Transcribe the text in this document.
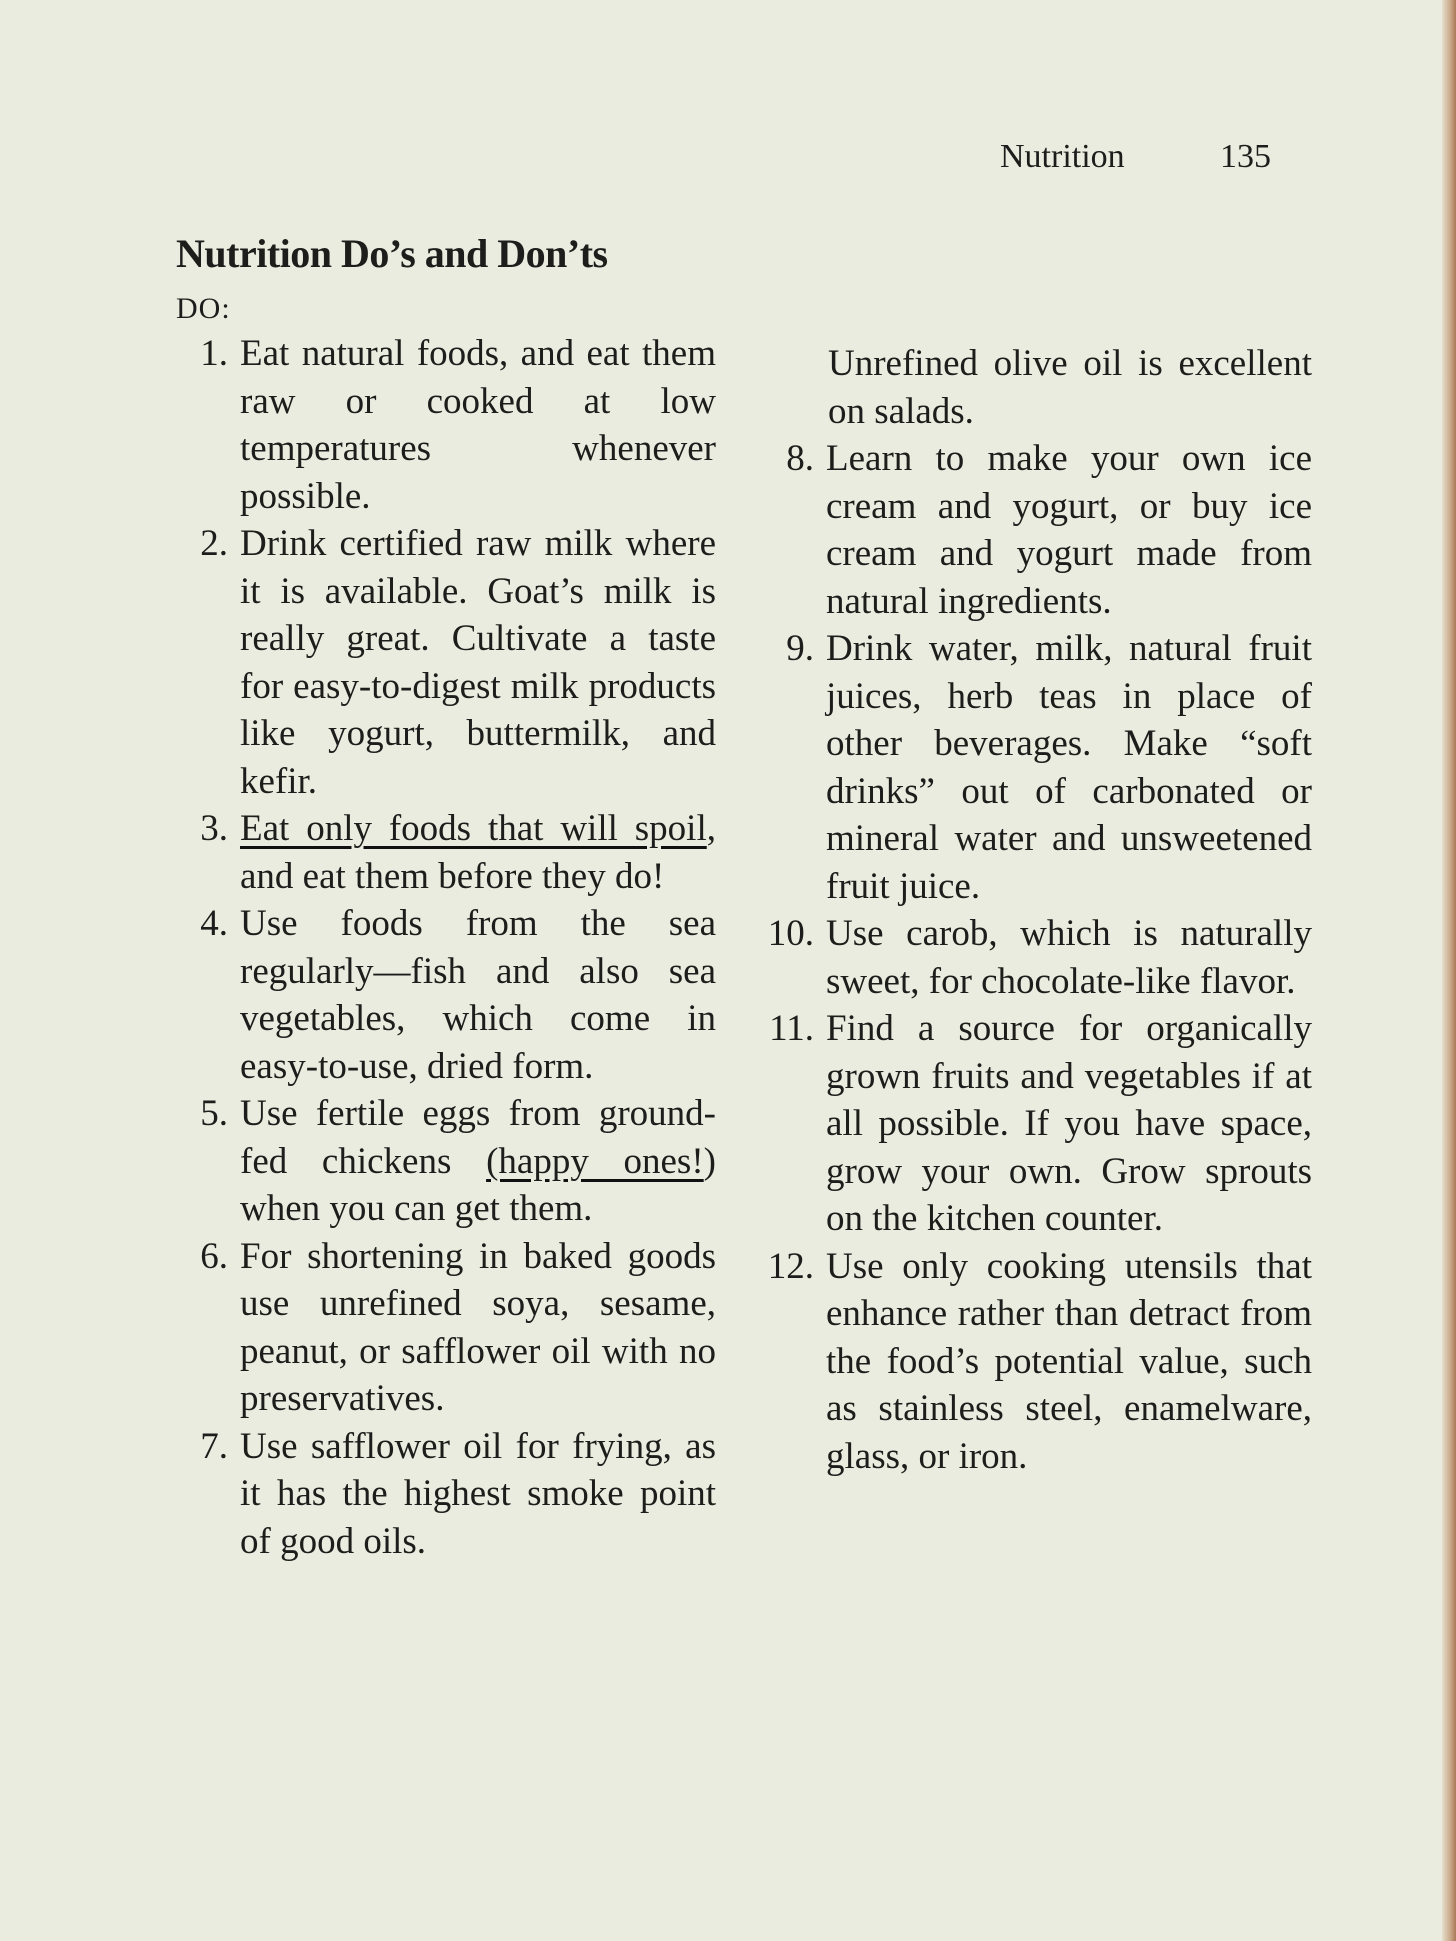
Nutrition	135
Nutrition Do’s and Don’ts
DO:
1. Eat natural foods, and eat them raw or cooked at low temperatures whenever possible.
2. Drink certified raw milk where it is available. Goat’s milk is really great. Cultivate a taste for easy-to-digest milk products like yogurt, buttermilk, and kefir.
3. Eat only foods that will spoil, and eat them before they do!
4. Use foods from the sea regularly—fish and also sea vegetables, which come in easy-to-use, dried form.
5. Use fertile eggs from ground-fed chickens (happy ones!) when you can get them.
6. For shortening in baked goods use unrefined soya, sesame, peanut, or safflower oil with no preservatives.
7. Use safflower oil for frying, as it has the highest smoke point of good oils.
Unrefined olive oil is excellent on salads.
8. Learn to make your own ice cream and yogurt, or buy ice cream and yogurt made from natural ingredients.
9. Drink water, milk, natural fruit juices, herb teas in place of other beverages. Make “soft drinks” out of carbonated or mineral water and unsweetened fruit juice.
10. Use carob, which is naturally sweet, for chocolate-like flavor.
11. Find a source for organically grown fruits and vegetables if at all possible. If you have space, grow your own. Grow sprouts on the kitchen counter.
12. Use only cooking utensils that enhance rather than detract from the food’s potential value, such as stainless steel, enamelware, glass, or iron.
